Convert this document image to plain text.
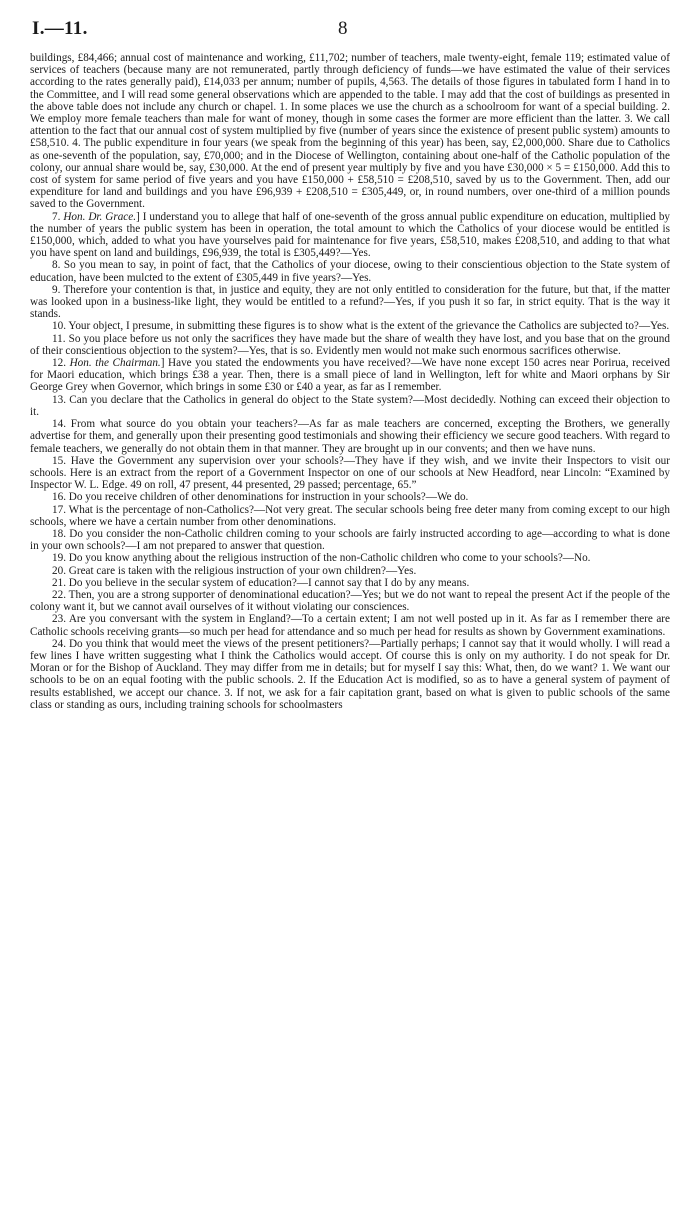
I.—11.	8

buildings, £84,466; annual cost of maintenance and working, £11,702; number of teachers, male twenty-eight, female 119; estimated value of services of teachers (because many are not remunerated, partly through deficiency of funds—we have estimated the value of their services according to the rates generally paid), £14,033 per annum; number of pupils, 4,563. The details of those figures in tabulated form I hand in to the Committee, and I will read some general observations which are appended to the table. I may add that the cost of buildings as presented in the above table does not include any church or chapel. 1. In some places we use the church as a schoolroom for want of a special building. 2. We employ more female teachers than male for want of money, though in some cases the former are more efficient than the latter. 3. We call attention to the fact that our annual cost of system multiplied by five (number of years since the existence of present public system) amounts to £58,510. 4. The public expenditure in four years (we speak from the beginning of this year) has been, say, £2,000,000. Share due to Catholics as one-seventh of the population, say, £70,000; and in the Diocese of Wellington, containing about one-half of the Catholic population of the colony, our annual share would be, say, £30,000. At the end of present year multiply by five and you have £30,000 × 5 = £150,000. Add this to cost of system for same period of five years and you have £150,000 + £58,510 = £208,510, saved by us to the Government. Then, add our expenditure for land and buildings and you have £96,939 + £208,510 = £305,449, or, in round numbers, over one-third of a million pounds saved to the Government.

7. Hon. Dr. Grace.] I understand you to allege that half of one-seventh of the gross annual public expenditure on education, multiplied by the number of years the public system has been in operation, the total amount to which the Catholics of your diocese would be entitled is £150,000, which, added to what you have yourselves paid for maintenance for five years, £58,510, makes £208,510, and adding to that what you have spent on land and buildings, £96,939, the total is £305,449?—Yes.

8. So you mean to say, in point of fact, that the Catholics of your diocese, owing to their conscientious objection to the State system of education, have been mulcted to the extent of £305,449 in five years?—Yes.

9. Therefore your contention is that, in justice and equity, they are not only entitled to consideration for the future, but that, if the matter was looked upon in a business-like light, they would be entitled to a refund?—Yes, if you push it so far, in strict equity. That is the way it stands.

10. Your object, I presume, in submitting these figures is to show what is the extent of the grievance the Catholics are subjected to?—Yes.

11. So you place before us not only the sacrifices they have made but the share of wealth they have lost, and you base that on the ground of their conscientious objection to the system?—Yes, that is so. Evidently men would not make such enormous sacrifices otherwise.

12. Hon. the Chairman.] Have you stated the endowments you have received?—We have none except 150 acres near Porirua, received for Maori education, which brings £38 a year. Then, there is a small piece of land in Wellington, left for white and Maori orphans by Sir George Grey when Governor, which brings in some £30 or £40 a year, as far as I remember.

13. Can you declare that the Catholics in general do object to the State system?—Most decidedly. Nothing can exceed their objection to it.

14. From what source do you obtain your teachers?—As far as male teachers are concerned, excepting the Brothers, we generally advertise for them, and generally upon their presenting good testimonials and showing their efficiency we secure good teachers. With regard to female teachers, we generally do not obtain them in that manner. They are brought up in our convents; and then we have nuns.

15. Have the Government any supervision over your schools?—They have if they wish, and we invite their Inspectors to visit our schools. Here is an extract from the report of a Government Inspector on one of our schools at New Headford, near Lincoln: “Examined by Inspector W. L. Edge. 49 on roll, 47 present, 44 presented, 29 passed; percentage, 65.”

16. Do you receive children of other denominations for instruction in your schools?—We do.

17. What is the percentage of non-Catholics?—Not very great. The secular schools being free deter many from coming except to our high schools, where we have a certain number from other denominations.

18. Do you consider the non-Catholic children coming to your schools are fairly instructed according to age—according to what is done in your own schools?—I am not prepared to answer that question.

19. Do you know anything about the religious instruction of the non-Catholic children who come to your schools?—No.

20. Great care is taken with the religious instruction of your own children?—Yes.

21. Do you believe in the secular system of education?—I cannot say that I do by any means.

22. Then, you are a strong supporter of denominational education?—Yes; but we do not want to repeal the present Act if the people of the colony want it, but we cannot avail ourselves of it without violating our consciences.

23. Are you conversant with the system in England?—To a certain extent; I am not well posted up in it. As far as I remember there are Catholic schools receiving grants—so much per head for attendance and so much per head for results as shown by Government examinations.

24. Do you think that would meet the views of the present petitioners?—Partially perhaps; I cannot say that it would wholly. I will read a few lines I have written suggesting what I think the Catholics would accept. Of course this is only on my authority. I do not speak for Dr. Moran or for the Bishop of Auckland. They may differ from me in details; but for myself I say this: What, then, do we want? 1. We want our schools to be on an equal footing with the public schools. 2. If the Education Act is modified, so as to have a general system of payment of results established, we accept our chance. 3. If not, we ask for a fair capitation grant, based on what is given to public schools of the same class or standing as ours, including training schools for schoolmasters
